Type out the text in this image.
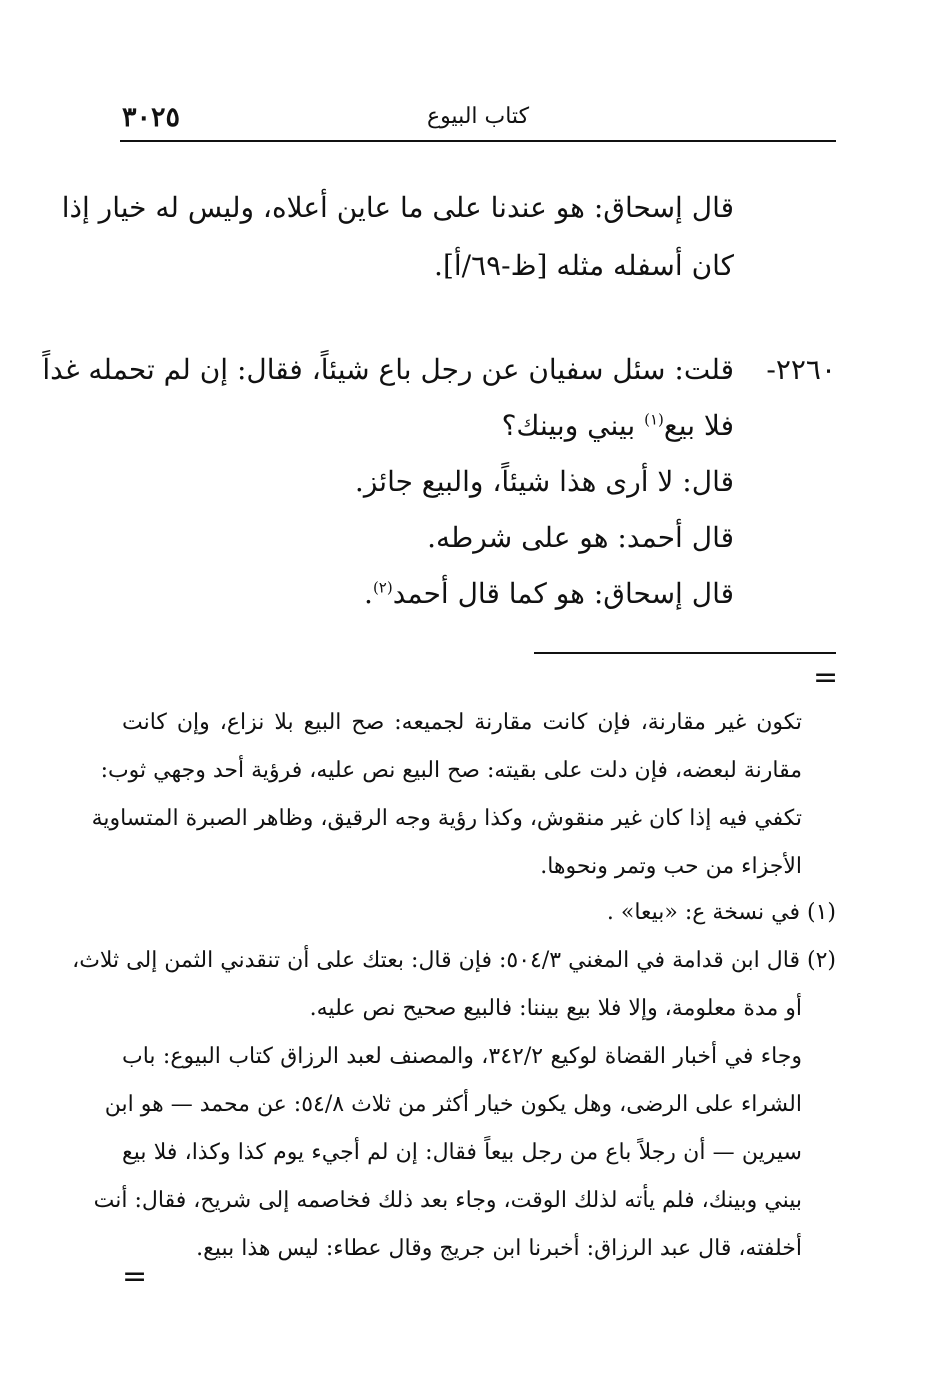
٣٠٢٥	كتاب البيوع
قال إسحاق: هو عندنا على ما عاين أعلاه، وليس له خيار إذا
كان أسفله مثله [ظ-٦٩/أ].
٢٢٦٠-
قلت: سئل سفيان عن رجل باع شيئاً، فقال: إن لم تحمله غداً
فلا بيع$^{(١)}$ بيني وبينك؟
قال: لا أرى هذا شيئاً، والبيع جائز.
قال أحمد: هو على شرطه.
قال إسحاق: هو كما قال أحمد$^{(٢)}$.
=
تكون غير مقارنة، فإن كانت مقارنة لجميعه: صح البيع بلا نزاع، وإن كانت
مقارنة لبعضه، فإن دلت على بقيته: صح البيع نص عليه، فرؤية أحد وجهي ثوب:
تكفي فيه إذا كان غير منقوش، وكذا رؤية وجه الرقيق، وظاهر الصبرة المتساوية
الأجزاء من حب وتمر ونحوها.
(١) في نسخة ع: «بيعا» .
(٢) قال ابن قدامة في المغني ٥٠٤/٣: فإن قال: بعتك على أن تنقدني الثمن إلى ثلاث،
أو مدة معلومة، وإلا فلا بيع بيننا: فالبيع صحيح نص عليه.
وجاء في أخبار القضاة لوكيع ٣٤٢/٢، والمصنف لعبد الرزاق كتاب البيوع: باب
الشراء على الرضى، وهل يكون خيار أكثر من ثلاث ٥٤/٨: عن محمد — هو ابن
سيرين — أن رجلاً باع من رجل بيعاً فقال: إن لم أجيء يوم كذا وكذا، فلا بيع
بيني وبينك، فلم يأته لذلك الوقت، وجاء بعد ذلك فخاصمه إلى شريح، فقال: أنت
أخلفته، قال عبد الرزاق: أخبرنا ابن جريج وقال عطاء: ليس هذا ببيع.
=
